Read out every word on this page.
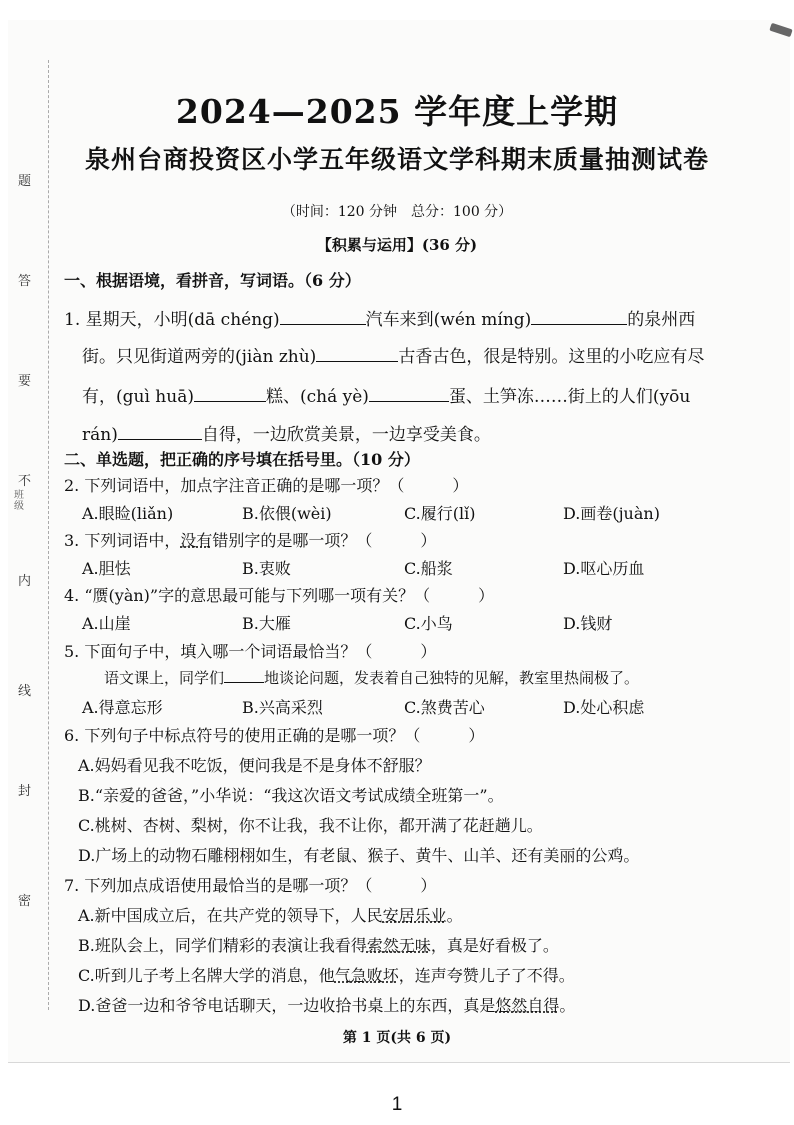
题
答
要
不
内
线
封
密
班级
2024—2025 学年度上学期
泉州台商投资区小学五年级语文学科期末质量抽测试卷
（时间：120 分钟　总分：100 分）
【积累与运用】(36 分)
一、根据语境，看拼音，写词语。（6 分）
1. 星期天，小明(dā chéng)	汽车来到(wén míng)	的泉州西
街。只见街道两旁的(jiàn zhù)	古香古色，很是特别。这里的小吃应有尽
有，(guì huā)	糕、(chá yè)	蛋、土笋冻……街上的人们(yōu
rán)	自得，一边欣赏美景，一边享受美食。
二、单选题，把正确的序号填在括号里。（10 分）
2. 下列词语中，加点字注音正确的是哪一项？（　　　）
A.眼睑(liǎn)	B.依偎(wèi)	C.履行(lǐ)	D.画卷(juàn)
3. 下列词语中，没有错别字的是哪一项？（　　　）
A.胆怯	B.衷败	C.船浆	D.呕心历血
4. “赝(yàn)”字的意思最可能与下列哪一项有关？（　　　）
A.山崖	B.大雁	C.小鸟	D.钱财
5. 下面句子中，填入哪一个词语最恰当？（　　　）
语文课上，同学们	地谈论问题，发表着自己独特的见解，教室里热闹极了。
A.得意忘形	B.兴高采烈	C.煞费苦心	D.处心积虑
6. 下列句子中标点符号的使用正确的是哪一项？（　　　）
A.妈妈看见我不吃饭，便问我是不是身体不舒服？
B.“亲爱的爸爸，”小华说：“我这次语文考试成绩全班第一”。
C.桃树、杏树、梨树，你不让我，我不让你，都开满了花赶趟儿。
D.广场上的动物石雕栩栩如生，有老鼠、猴子、黄牛、山羊、还有美丽的公鸡。
7. 下列加点成语使用最恰当的是哪一项？（　　　）
A.新中国成立后，在共产党的领导下，人民安居乐业。
B.班队会上，同学们精彩的表演让我看得索然无味，真是好看极了。
C.听到儿子考上名牌大学的消息，他气急败坏，连声夸赞儿子了不得。
D.爸爸一边和爷爷电话聊天，一边收拾书桌上的东西，真是悠然自得。
第 1 页(共 6 页)
1
